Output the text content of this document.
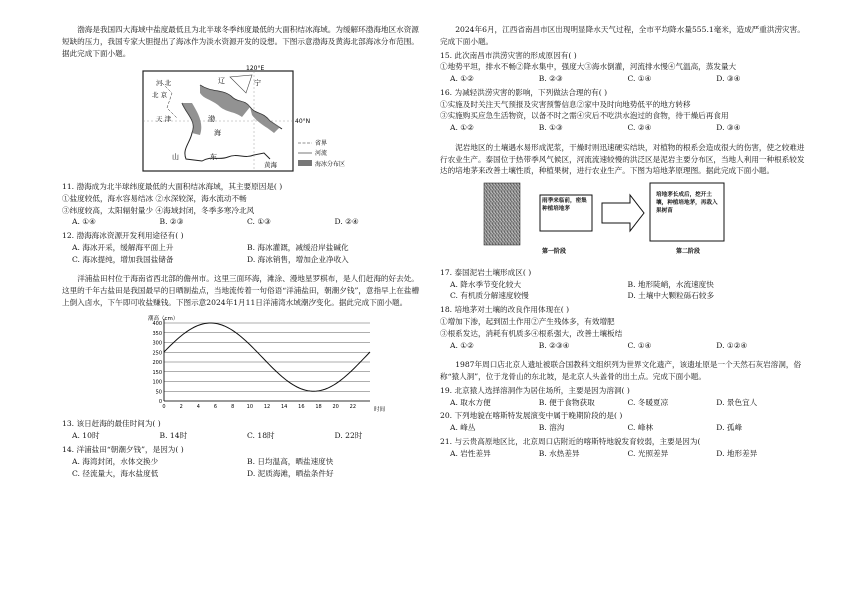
渤海是我国四大海域中盐度最低且为北半球冬季纬度最低的大面积结冰海域。为缓解环渤海地区水资源短缺的压力，我国专家大胆提出了海冰作为淡水资源开发的设想。下图示意渤海及黄海北部海冰分布范围。据此完成下面小题。

120°E
40°N
河 北
北 京
天 津
辽	宁
渤
海
山	东
黄海
省界
河流
海冰分布区

11. 渤海成为北半球纬度最低的大面积结冰海域，其主要原因是( )

①盐度较低，海水容易结冰 ②水深较深，海水流动不畅

③纬度较高，太阳辐射量少 ④海域封闭，冬季多寒冷北风

A. ①④	B. ②③	C. ①③	D. ②④

12. 渤海海冰资源开发利用途径有( )

A. 海冰开采，缓解海平面上升	B. 海冰灌溉，减缓沿岸盐碱化
C. 海冰提纯，增加我国盐储备	D. 海冰销售，增加企业净收入

洋浦盐田村位于海南省西北部的儋州市。这里三面环海，滩涂、漫地星罗棋布，是人们赶海的好去处。这里的千年古盐田是我国最早的日晒制盐点，当地流传着一句俗语“洋浦盐田，朝潮夕钱”，意指早上在盐槽上倒入卤水，下午即可收盐赚钱。下图示意2024年1月11日洋浦湾水域潮汐变化。据此完成下面小题。

潮高（cm）
400
350
300
250
200
150
100
50
0
0	2	4	6	8 10 12 14 16 18 20 22	时间

13. 该日赶海的最佳时间为( )

A. 10时	B. 14时	C. 18时	D. 22时

14. 洋浦盐田“朝潮夕钱”，是因为( )

A. 海湾封闭，水体交换少	B. 日均温高，晒盐速度快
C. 径流量大，海水盐度低	D. 泥质海滩，晒盐条件好

2024年6月，江西省南昌市区出现明显降水天气过程，全市平均降水量555.1毫米，造成严重洪涝灾害。完成下面小题。

15. 此次南昌市洪涝灾害的形成原因有( )

①地势平坦，排水不畅②降水集中，强度大③海水倒灌，河流排水慢④气温高，蒸发量大

A. ①②	B. ②③	C. ①④	D. ③④

16. 为减轻洪涝灾害的影响，下列做法合理的有( )

①实施及时关注天气预报及灾害预警信息②家中及时向地势低平的地方转移

③实施购买应急生活物资，以备不时之需④灾后不吃洪水泡过的食物，待干燥后再食用

A. ①②	B. ①③	C. ②④	D. ③④

泥岩地区的土壤遇水易形成泥浆，干燥时则迅速硬实结块，对植物的根系会造成很大的伤害，使之较难进行农业生产。泰国位于热带季风气候区，河流流速较慢的洪泛区是泥岩主要分布区，当地人利用一种根系较发达的培地茅来改善土壤性质，种植果树，进行农业生产。下图为培地茅原理图。据此完成下面小题。

雨季来临前，密集种植培地茅
培地茅长成后，挖开土壤，种植培地茅，再栽入果树苗
第一阶段	第二阶段

17. 泰国泥岩土壤形成区( )

A. 降水季节变化较大	B. 地形陡峭，水流速度快
C. 有机质分解速度较慢	D. 土壤中大颗粒砾石较多

18. 培地茅对土壤的改良作用体现在( )

①增加下渗，起到固土作用②产生残体多，有效增肥

③根系发达，消耗有机质多④根系强大，改善土壤板结

A. ①②	B. ②③④	C. ①④	D. ①②④

1987年周口店北京人遗址被联合国教科文组织列为世界文化遗产，该遗址原是一个天然石灰岩溶洞，俗称“猿人洞”，位于龙骨山的东北坡，是北京人头盖骨的出土点。完成下面小题。

19. 北京猿人选择溶洞作为居住场所，主要是因为溶洞( )

A. 取水方便	B. 便于食物获取	C. 冬暖夏凉	D. 景色宜人

20. 下列地貌在喀斯特发展演变中属于晚期阶段的是( )

A. 峰丛	B. 溶沟	C. 峰林	D. 孤峰

21. 与云贵高原地区比，北京周口店附近的喀斯特地貌发育较弱，主要是因为(

A. 岩性差异	B. 水热差异	C. 光照差异	D. 地形差异
